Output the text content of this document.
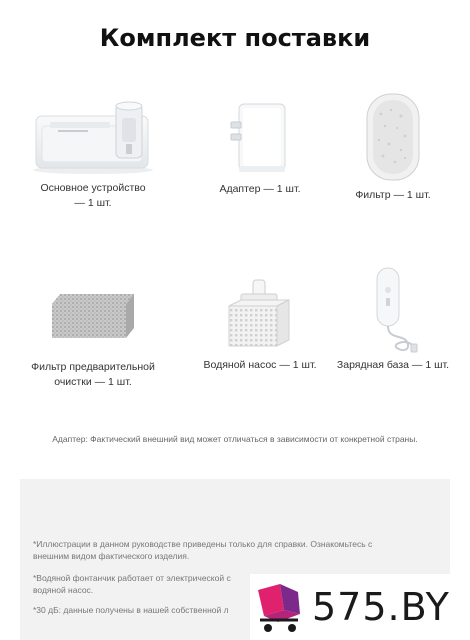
Комплект поставки
Основное устройство
— 1 шт.
Адаптер — 1 шт.	Фильтр — 1 шт.
Фильтр предварительной
очистки — 1 шт.
Водяной насос — 1 шт.	Зарядная база — 1 шт.
Адаптер: Фактический внешний вид может отличаться в зависимости от конкретной страны.
*Иллюстрации в данном руководстве приведены только для справки. Ознакомьтесь с
внешним видом фактического изделия.
*Водяной фонтанчик работает от электрической с
водяной насос.
*30 дБ: данные получены в нашей собственной л	575.BY
